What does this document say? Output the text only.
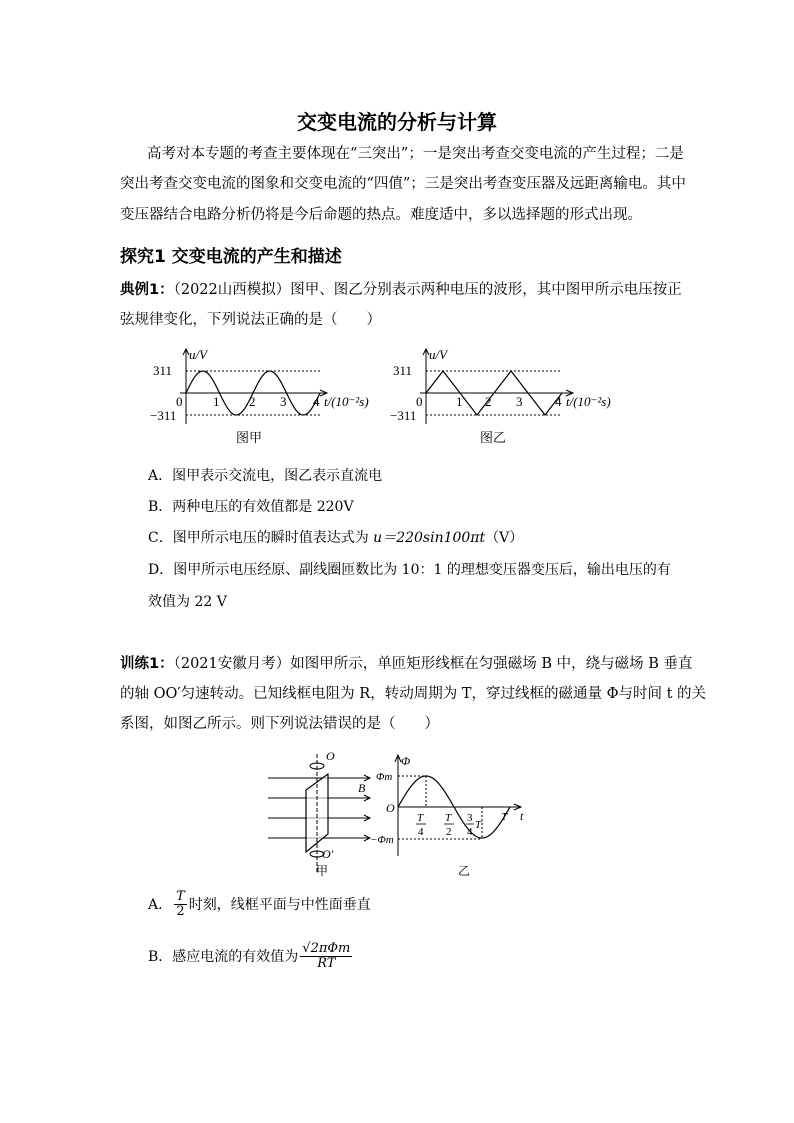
交变电流的分析与计算
高考对本专题的考查主要体现在“三突出”；一是突出考查交变电流的产生过程；二是
突出考查交变电流的图象和交变电流的“四值”；三是突出考查变压器及远距离输电。其中
变压器结合电路分析仍将是今后命题的热点。难度适中，多以选择题的形式出现。
探究1 交变电流的产生和描述
典例1：（2022山西模拟）图甲、图乙分别表示两种电压的波形，其中图甲所示电压按正
弦规律变化，下列说法正确的是（　　）
u/V
311
0
−311
1 2 3 4 t/(10⁻²s)
图甲
u/V
311
0
−311
1 2 3	4 t/(10⁻²s)
图乙
A．图甲表示交流电，图乙表示直流电
B．两种电压的有效值都是 220V
C．图甲所示电压的瞬时值表达式为 u＝220sin100πt（V）
D．图甲所示电压经原、副线圈匝数比为 10：1 的理想变压器变压后，输出电压的有
效值为 22 V
训练1：（2021安徽月考）如图甲所示，单匝矩形线框在匀强磁场 B 中，绕与磁场 B 垂直
的轴 OO′匀速转动。已知线框电阻为 R，转动周期为 T，穿过线框的磁通量 Φ与时间 t 的关
系图，如图乙所示。则下列说法错误的是（　　）
O
O′
B
甲
Φ
Φm
O
−Φm
T
4
T
2
3
4
T
T t
乙
A． $\frac{T}{2}$ 时刻，线框平面与中性面垂直
B．感应电流的有效值为 $\frac{\text{√2πΦm}}{RT}$
